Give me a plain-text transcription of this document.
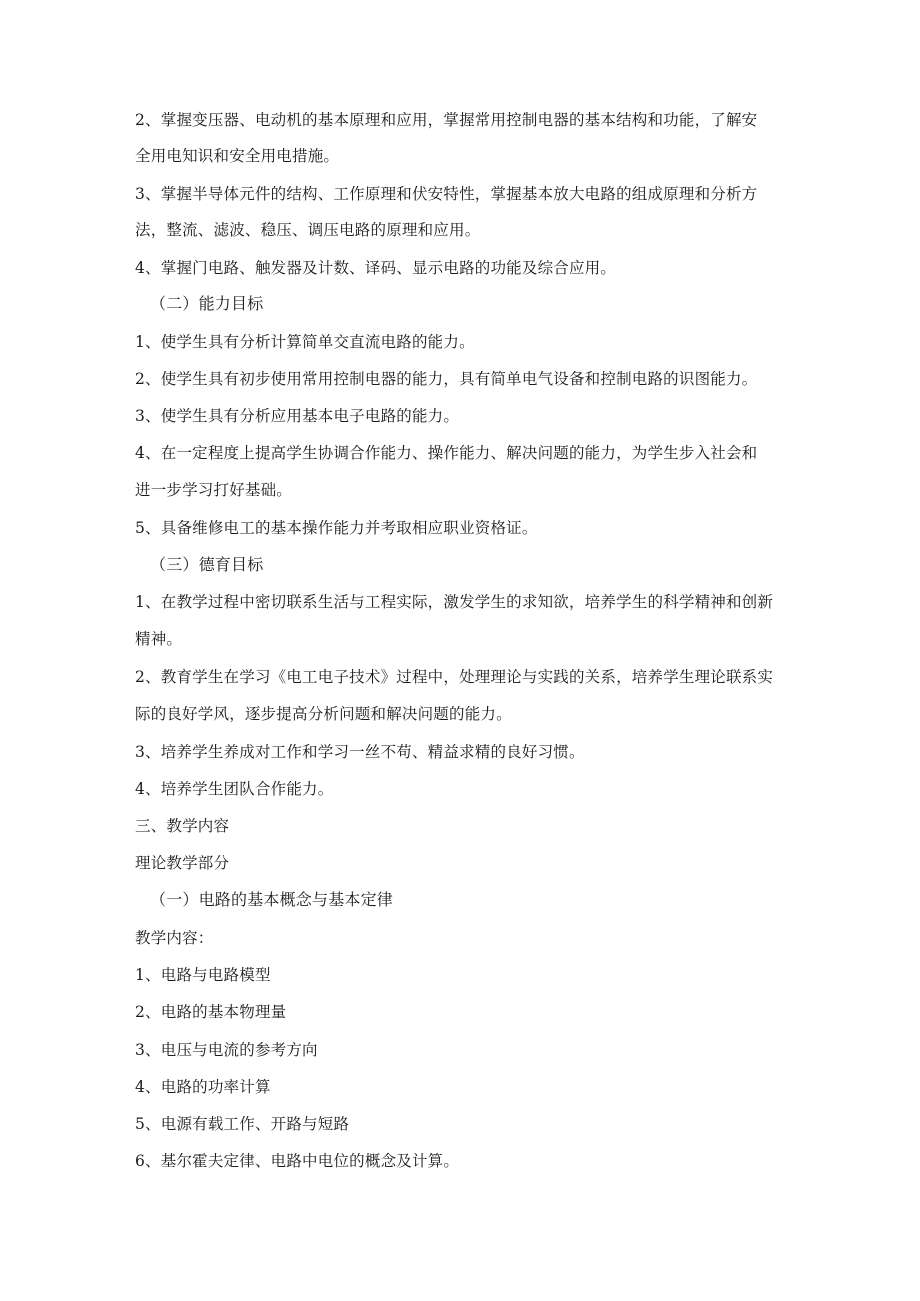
2、掌握变压器、电动机的基本原理和应用，掌握常用控制电器的基本结构和功能，了解安
全用电知识和安全用电措施。
3、掌握半导体元件的结构、工作原理和伏安特性，掌握基本放大电路的组成原理和分析方
法，整流、滤波、稳压、调压电路的原理和应用。
4、掌握门电路、触发器及计数、译码、显示电路的功能及综合应用。
（二）能力目标
1、使学生具有分析计算简单交直流电路的能力。
2、使学生具有初步使用常用控制电器的能力，具有简单电气设备和控制电路的识图能力。
3、使学生具有分析应用基本电子电路的能力。
4、在一定程度上提高学生协调合作能力、操作能力、解决问题的能力，为学生步入社会和
进一步学习打好基础。
5、具备维修电工的基本操作能力并考取相应职业资格证。
（三）德育目标
1、在教学过程中密切联系生活与工程实际，激发学生的求知欲，培养学生的科学精神和创新
精神。
2、教育学生在学习《电工电子技术》过程中，处理理论与实践的关系，培养学生理论联系实
际的良好学风，逐步提高分析问题和解决问题的能力。
3、培养学生养成对工作和学习一丝不苟、精益求精的良好习惯。
4、培养学生团队合作能力。
三、教学内容
理论教学部分
（一）电路的基本概念与基本定律
教学内容：
1、电路与电路模型
2、电路的基本物理量
3、电压与电流的参考方向
4、电路的功率计算
5、电源有载工作、开路与短路
6、基尔霍夫定律、电路中电位的概念及计算。
